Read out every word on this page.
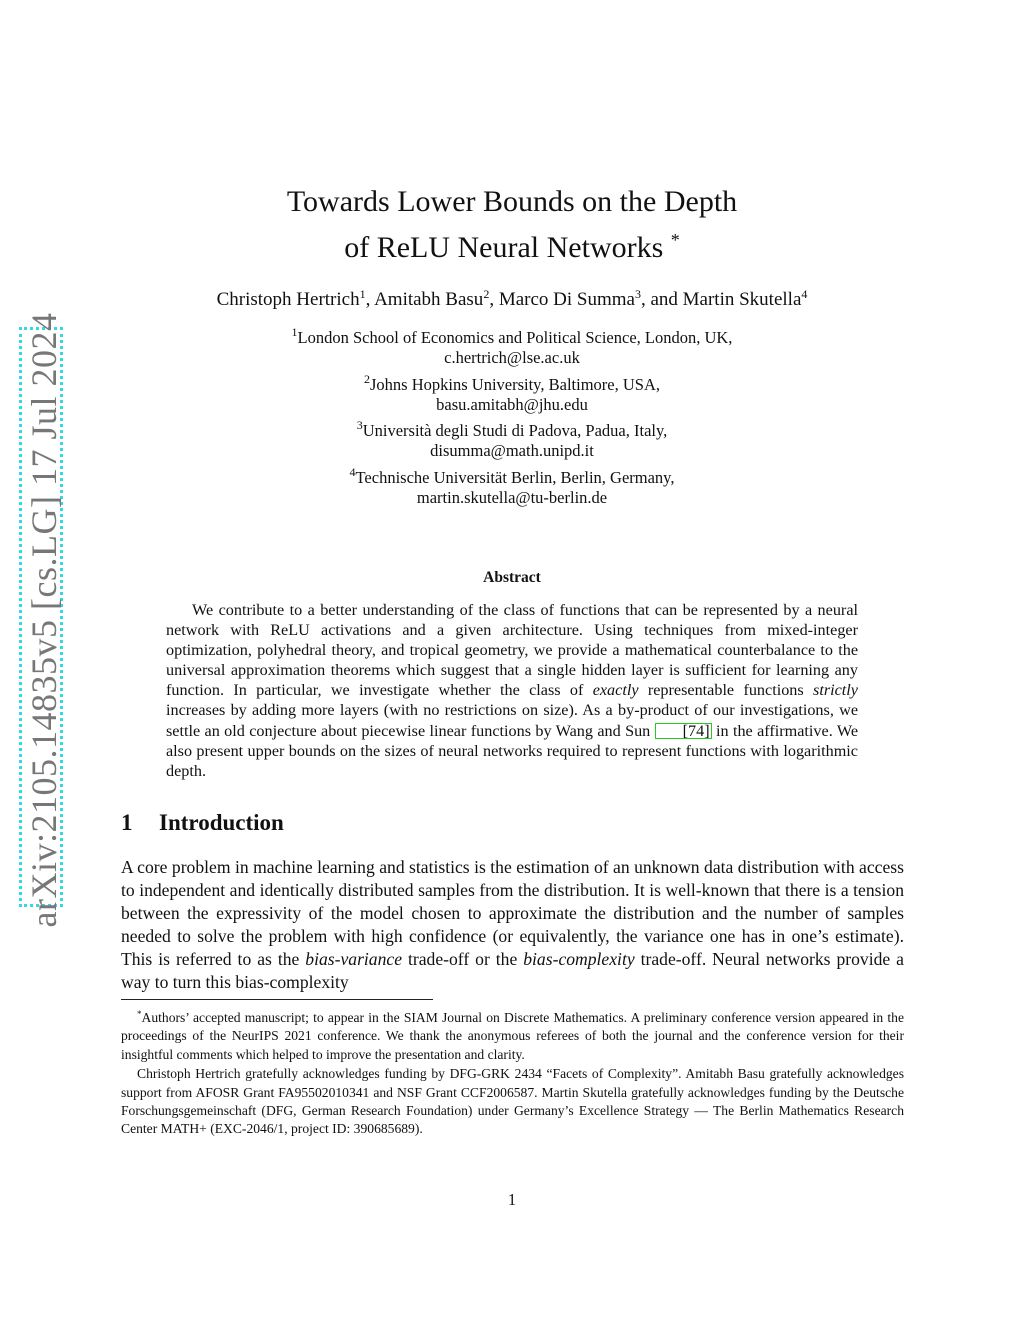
arXiv:2105.14835v5 [cs.LG] 17 Jul 2024
Towards Lower Bounds on the Depth
of ReLU Neural Networks *
Christoph Hertrich$^1$, Amitabh Basu$^2$, Marco Di Summa$^3$, and Martin Skutella$^4$
$^1$London School of Economics and Political Science, London, UK,
c.hertrich@lse.ac.uk
$^2$Johns Hopkins University, Baltimore, USA,
basu.amitabh@jhu.edu
$^3$Università degli Studi di Padova, Padua, Italy,
disumma@math.unipd.it
$^4$Technische Universität Berlin, Berlin, Germany,
martin.skutella@tu-berlin.de
Abstract
We contribute to a better understanding of the class of functions that can be represented by a neural network with ReLU activations and a given architecture. Using techniques from mixed-integer optimization, polyhedral theory, and tropical geometry, we provide a mathematical counterbalance to the universal approximation theorems which suggest that a single hidden layer is sufficient for learning any function. In particular, we investigate whether the class of exactly representable functions strictly increases by adding more layers (with no restrictions on size). As a by-product of our investigations, we settle an old conjecture about piecewise linear functions by Wang and Sun [74] in the affirmative. We also present upper bounds on the sizes of neural networks required to represent functions with logarithmic depth.
1 Introduction
A core problem in machine learning and statistics is the estimation of an unknown data distribution with access to independent and identically distributed samples from the distribution. It is well-known that there is a tension between the expressivity of the model chosen to approximate the distribution and the number of samples needed to solve the problem with high confidence (or equivalently, the variance one has in one’s estimate). This is referred to as the bias-variance trade-off or the bias-complexity trade-off. Neural networks provide a way to turn this bias-complexity

*Authors’ accepted manuscript; to appear in the SIAM Journal on Discrete Mathematics. A preliminary conference version appeared in the proceedings of the NeurIPS 2021 conference. We thank the anonymous referees of both the journal and the conference version for their insightful comments which helped to improve the presentation and clarity.

Christoph Hertrich gratefully acknowledges funding by DFG-GRK 2434 “Facets of Complexity”. Amitabh Basu gratefully acknowledges support from AFOSR Grant FA95502010341 and NSF Grant CCF2006587. Martin Skutella gratefully acknowledges funding by the Deutsche Forschungsgemeinschaft (DFG, German Research Foundation) under Germany’s Excellence Strategy — The Berlin Mathematics Research Center MATH+ (EXC-2046/1, project ID: 390685689).

1
